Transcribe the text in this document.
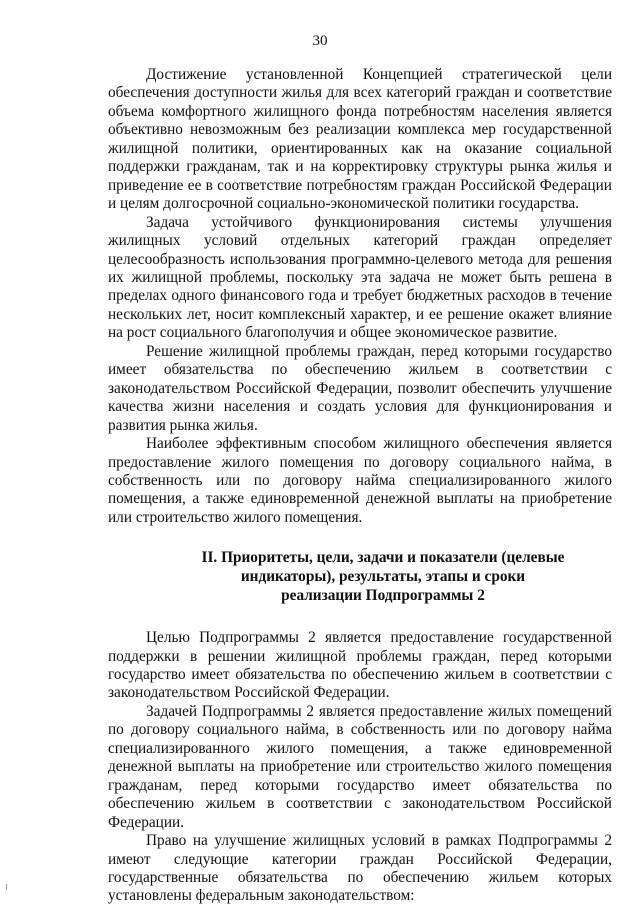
30

Достижение установленной Концепцией стратегической цели обеспечения доступности жилья для всех категорий граждан и соответствие объема комфортного жилищного фонда потребностям населения является объективно невозможным без реализации комплекса мер государственной жилищной политики, ориентированных как на оказание социальной поддержки гражданам, так и на корректировку структуры рынка жилья и приведение ее в соответствие потребностям граждан Российской Федерации и целям долгосрочной социально-экономической политики государства.

Задача устойчивого функционирования системы улучшения жилищных условий отдельных категорий граждан определяет целесообразность использования программно-целевого метода для решения их жилищной проблемы, поскольку эта задача не может быть решена в пределах одного финансового года и требует бюджетных расходов в течение нескольких лет, носит комплексный характер, и ее решение окажет влияние на рост социального благополучия и общее экономическое развитие.

Решение жилищной проблемы граждан, перед которыми государство имеет обязательства по обеспечению жильем в соответствии с законодательством Российской Федерации, позволит обеспечить улучшение качества жизни населения и создать условия для функционирования и развития рынка жилья.

Наиболее эффективным способом жилищного обеспечения является предоставление жилого помещения по договору социального найма, в собственность или по договору найма специализированного жилого помещения, а также единовременной денежной выплаты на приобретение или строительство жилого помещения.

II. Приоритеты, цели, задачи и показатели (целевые
индикаторы), результаты, этапы и сроки
реализации Подпрограммы 2

Целью Подпрограммы 2 является предоставление государственной поддержки в решении жилищной проблемы граждан, перед которыми государство имеет обязательства по обеспечению жильем в соответствии с законодательством Российской Федерации.

Задачей Подпрограммы 2 является предоставление жилых помещений по договору социального найма, в собственность или по договору найма специализированного жилого помещения, а также единовременной денежной выплаты на приобретение или строительство жилого помещения гражданам, перед которыми государство имеет обязательства по обеспечению жильем в соответствии с законодательством Российской Федерации.

Право на улучшение жилищных условий в рамках Подпрограммы 2 имеют следующие категории граждан Российской Федерации, государственные обязательства по обеспечению жильем которых установлены федеральным законодательством:
